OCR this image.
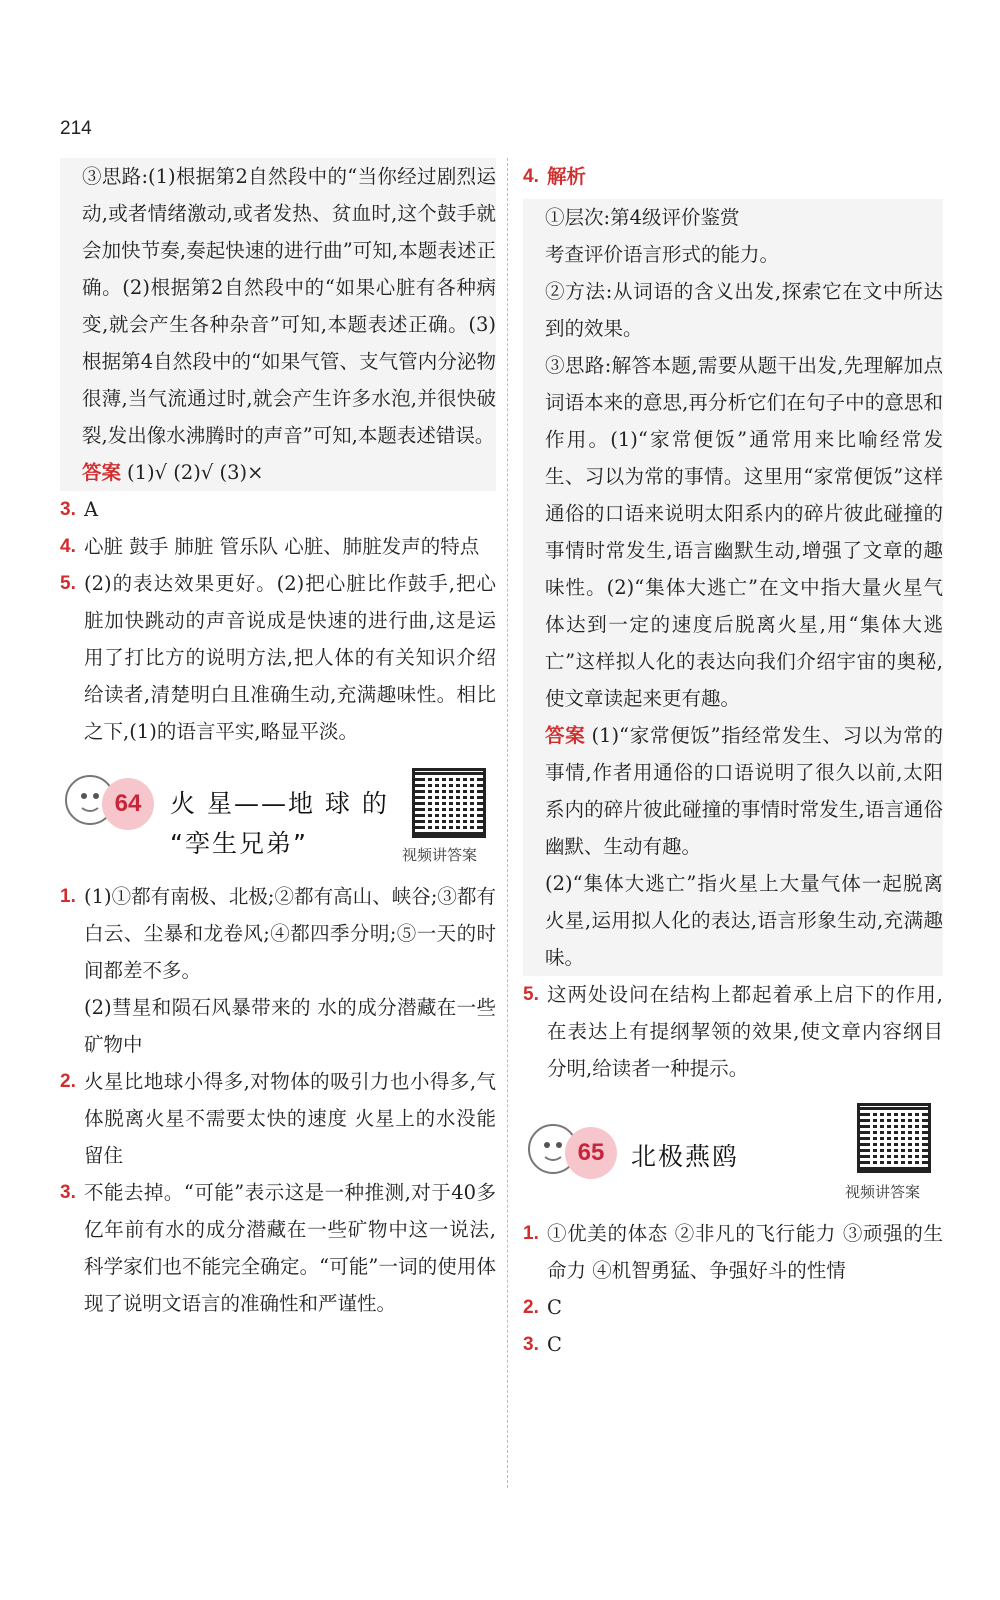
214

③思路:(1)根据第2自然段中的“当你经过剧烈运动,或者情绪激动,或者发热、贫血时,这个鼓手就会加快节奏,奏起快速的进行曲”可知,本题表述正确。(2)根据第2自然段中的“如果心脏有各种病变,就会产生各种杂音”可知,本题表述正确。(3)根据第4自然段中的“如果气管、支气管内分泌物很薄,当气流通过时,就会产生许多水泡,并很快破裂,发出像水沸腾时的声音”可知,本题表述错误。

答案 (1)√ (2)√ (3)×

3. A
4. 心脏 鼓手 肺脏 管乐队 心脏、肺脏发声的特点
5. (2)的表达效果更好。(2)把心脏比作鼓手,把心脏加快跳动的声音说成是快速的进行曲,这是运用了打比方的说明方法,把人体的有关知识介绍给读者,清楚明白且准确生动,充满趣味性。相比之下,(1)的语言平实,略显平淡。
64	火 星——地 球 的
“孪生兄弟”	视频讲答案
1. (1)①都有南极、北极;②都有高山、峡谷;③都有白云、尘暴和龙卷风;④都四季分明;⑤一天的时间都差不多。
(2)彗星和陨石风暴带来的 水的成分潜藏在一些矿物中
2. 火星比地球小得多,对物体的吸引力也小得多,气体脱离火星不需要太快的速度 火星上的水没能留住
3. 不能去掉。“可能”表示这是一种推测,对于40多亿年前有水的成分潜藏在一些矿物中这一说法,科学家们也不能完全确定。“可能”一词的使用体现了说明文语言的准确性和严谨性。
4. 解析

①层次:第4级评价鉴赏

考查评价语言形式的能力。

②方法:从词语的含义出发,探索它在文中所达到的效果。

③思路:解答本题,需要从题干出发,先理解加点词语本来的意思,再分析它们在句子中的意思和作用。(1)“家常便饭”通常用来比喻经常发生、习以为常的事情。这里用“家常便饭”这样通俗的口语来说明太阳系内的碎片彼此碰撞的事情时常发生,语言幽默生动,增强了文章的趣味性。(2)“集体大逃亡”在文中指大量火星气体达到一定的速度后脱离火星,用“集体大逃亡”这样拟人化的表达向我们介绍宇宙的奥秘,使文章读起来更有趣。

答案 (1)“家常便饭”指经常发生、习以为常的事情,作者用通俗的口语说明了很久以前,太阳系内的碎片彼此碰撞的事情时常发生,语言通俗幽默、生动有趣。

(2)“集体大逃亡”指火星上大量气体一起脱离火星,运用拟人化的表达,语言形象生动,充满趣味。

5. 这两处设问在结构上都起着承上启下的作用,在表达上有提纲挈领的效果,使文章内容纲目分明,给读者一种提示。
65	北极燕鸥
视频讲答案
1. ①优美的体态 ②非凡的飞行能力 ③顽强的生命力 ④机智勇猛、争强好斗的性情
2. C
3. C
